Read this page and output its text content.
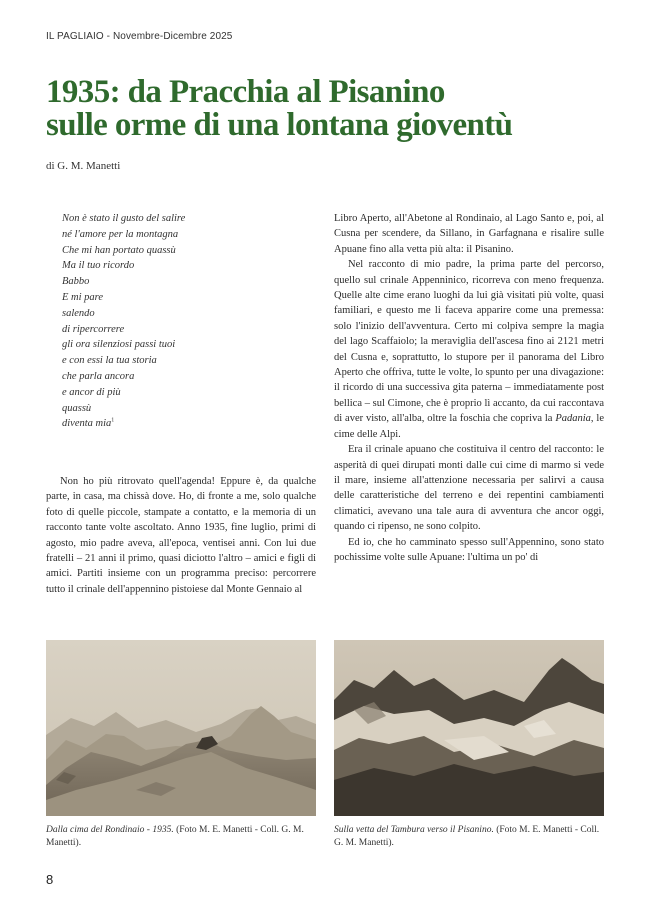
IL PAGLIAIO - Novembre-Dicembre 2025
1935: da Pracchia al Pisanino
sulle orme di una lontana gioventù
di G. M. Manetti
Non è stato il gusto del salire
né l'amore per la montagna
Che mi han portato quassù
Ma il tuo ricordo
Babbo
E mi pare
salendo
di ripercorrere
gli ora silenziosi passi tuoi
e con essi la tua storia
che parla ancora
e ancor di più
quassù
diventa mia$^1$

Non ho più ritrovato quell'agenda! Eppure è, da qualche parte, in casa, ma chissà dove. Ho, di fronte a me, solo qualche foto di quelle piccole, stampate a contatto, e la memoria di un racconto tante volte ascoltato. Anno 1935, fine luglio, primi di agosto, mio padre aveva, all'epoca, ventisei anni. Con lui due fratelli – 21 anni il primo, quasi diciotto l'altro – amici e figli di amici. Partiti insieme con un programma preciso: percorrere tutto il crinale dell'appennino pistoiese dal Monte Gennaio al

Libro Aperto, all'Abetone al Rondinaio, al Lago Santo e, poi, al Cusna per scendere, da Sillano, in Garfagnana e risalire sulle Apuane fino alla vetta più alta: il Pisanino.

Nel racconto di mio padre, la prima parte del percorso, quello sul crinale Appenninico, ricorreva con meno frequenza. Quelle alte cime erano luoghi da lui già visitati più volte, quasi familiari, e questo me li faceva apparire come una premessa: solo l'inizio dell'avventura. Certo mi colpiva sempre la magia del lago Scaffaiolo; la meraviglia dell'ascesa fino ai 2121 metri del Cusna e, soprattutto, lo stupore per il panorama del Libro Aperto che offriva, tutte le volte, lo spunto per una divagazione: il ricordo di una successiva gita paterna – immediatamente post bellica – sul Cimone, che è proprio lì accanto, da cui raccontava di aver visto, all'alba, oltre la foschia che copriva la Padania, le cime delle Alpi.

Era il crinale apuano che costituiva il centro del racconto: le asperità di quei dirupati monti dalle cui cime di marmo si vede il mare, insieme all'attenzione necessaria per salirvi a causa delle caratteristiche del terreno e dei repentini cambiamenti climatici, avevano una tale aura di avventura che ancor oggi, quando ci ripenso, ne sono colpito.

Ed io, che ho camminato spesso sull'Appennino, sono stato pochissime volte sulle Apuane: l'ultima un po' di

Dalla cima del Rondinaio - 1935. (Foto M. E. Manetti - Coll. G. M. Manetti).
Sulla vetta del Tambura verso il Pisanino. (Foto M. E. Manetti - Coll. G. M. Manetti).
8
